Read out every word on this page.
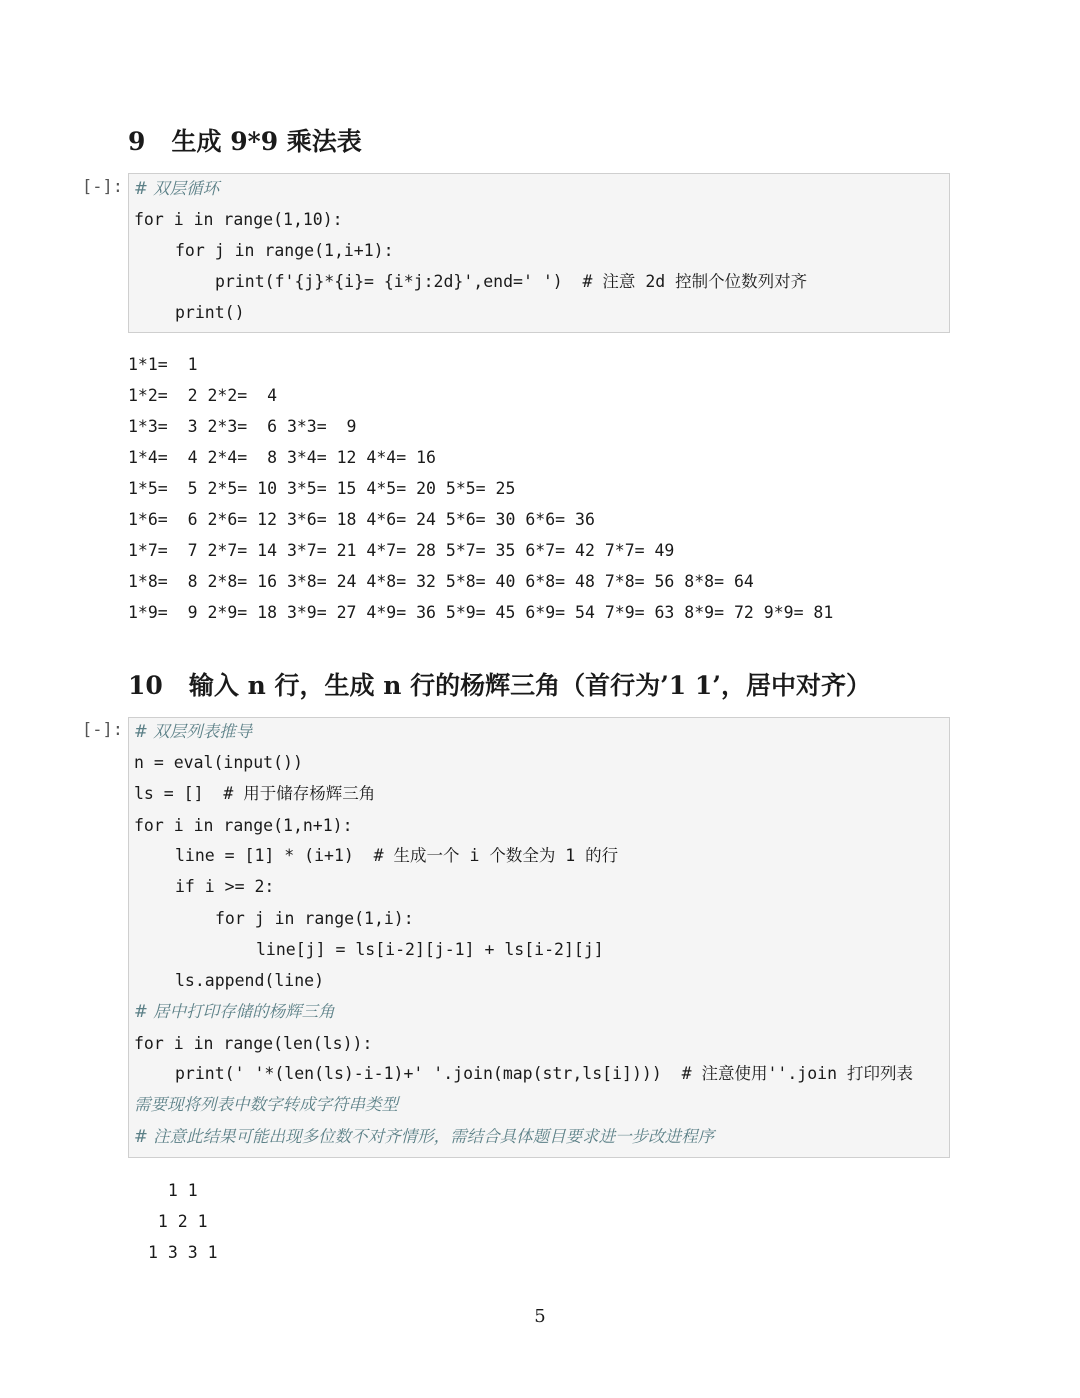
9 生成 9*9 乘法表
[-]: # 双层循环
for i in range(1,10):
for j in range(1,i+1):
print(f'{j}*{i}= {i*j:2d}',end=' ')  # 注意 2d 控制个位数列对齐
print()
1*1=  1
1*2=  2 2*2=  4
1*3=  3 2*3=  6 3*3=  9
1*4=  4 2*4=  8 3*4= 12 4*4= 16
1*5=  5 2*5= 10 3*5= 15 4*5= 20 5*5= 25
1*6=  6 2*6= 12 3*6= 18 4*6= 24 5*6= 30 6*6= 36
1*7=  7 2*7= 14 3*7= 21 4*7= 28 5*7= 35 6*7= 42 7*7= 49
1*8=  8 2*8= 16 3*8= 24 4*8= 32 5*8= 40 6*8= 48 7*8= 56 8*8= 64
1*9=  9 2*9= 18 3*9= 27 4*9= 36 5*9= 45 6*9= 54 7*9= 63 8*9= 72 9*9= 81
10 输入 n 行，生成 n 行的杨辉三角（首行为’1 1’，居中对齐）
[-]: # 双层列表推导
n = eval(input())
ls = []  # 用于储存杨辉三角
for i in range(1,n+1):
line = [1] * (i+1)  # 生成一个 i 个数全为 1 的行
if i >= 2:
for j in range(1,i):
line[j] = ls[i-2][j-1] + ls[i-2][j]
ls.append(line)
# 居中打印存储的杨辉三角
for i in range(len(ls)):
print(' '*(len(ls)-i-1)+' '.join(map(str,ls[i])))  # 注意使用''.join 打印列表
需要现将列表中数字转成字符串类型
# 注意此结果可能出现多位数不对齐情形，需结合具体题目要求进一步改进程序
1 1
1 2 1
1 3 3 1
5
